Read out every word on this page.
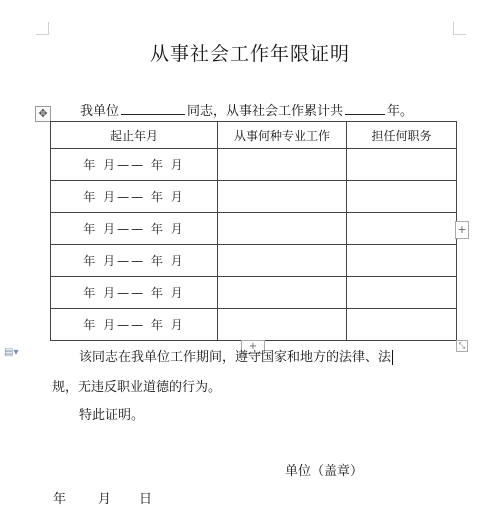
从事社会工作年限证明
✥ 我单位	同志，从事社会工作累计共	年。
起止年月	从事何种专业工作	担任何职务
年 月—— 年 月		
年 月—— 年 月		
年 月—— 年 月		
年 月—— 年 月		
年 月—— 年 月		
年 月—— 年 月		
+
+	⤡
▤▾	该同志在我单位工作期间，遵守国家和地方的法律、法
规，无违反职业道德的行为。
特此证明。
单位（盖章）
年 月 日
